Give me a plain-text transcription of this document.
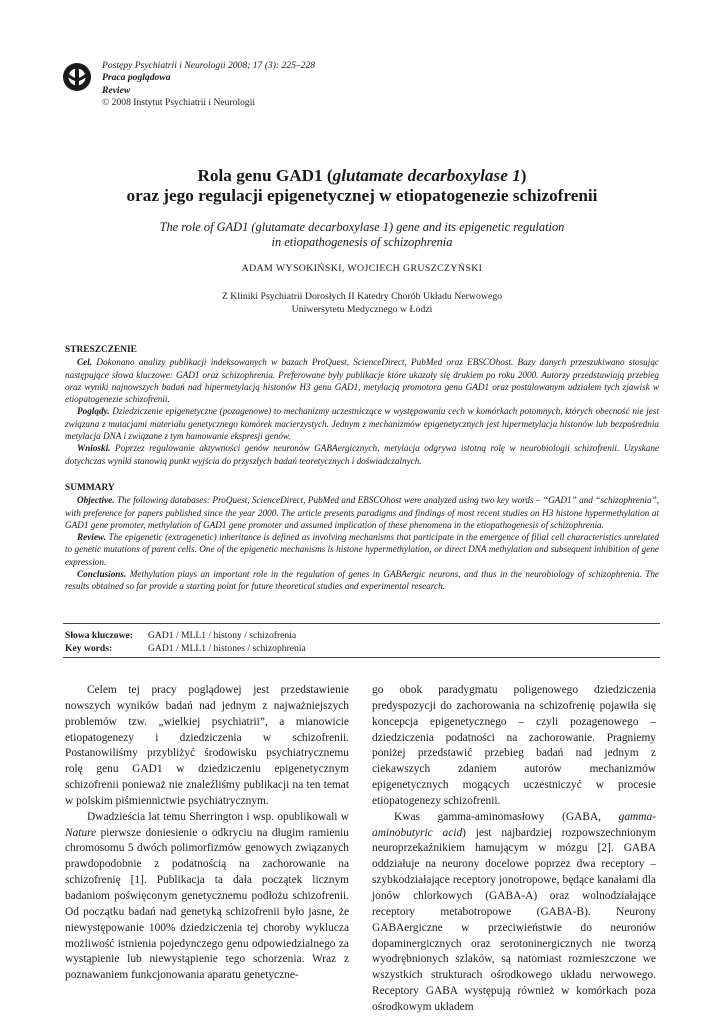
Postępy Psychiatrii i Neurologii 2008; 17 (3): 225–228
Praca poglądowa
Review
© 2008 Instytut Psychiatrii i Neurologii
Rola genu GAD1 (glutamate decarboxylase 1)
oraz jego regulacji epigenetycznej w etiopatogenezie schizofrenii
The role of GAD1 (glutamate decarboxylase 1) gene and its epigenetic regulation
in etiopathogenesis of schizophrenia
ADAM WYSOKIŃSKI, WOJCIECH GRUSZCZYŃSKI
Z Kliniki Psychiatrii Dorosłych II Katedry Chorób Układu Nerwowego
Uniwersytetu Medycznego w Łodzi
STRESZCZENIE

Cel. Dokonano analizy publikacji indeksowanych w bazach ProQuest, ScienceDirect, PubMed oraz EBSCOhost. Bazy danych przeszukiwano stosując następujące słowa kluczowe: GAD1 oraz schizophrenia. Preferowane były publikacje które ukazały się drukiem po roku 2000. Autorzy przedstawiają przebieg oraz wyniki najnowszych badań nad hipermetylacją histonów H3 genu GAD1, metylacją promotora genu GAD1 oraz postulowanym udziałem tych zjawisk w etiopatogenezie schizofrenii.

Poglądy. Dziedziczenie epigenetyczne (pozagenowe) to mechanizmy uczestniczące w występowaniu cech w komórkach potomnych, których obecność nie jest związana z mutacjami materiału genetycznego komórek macierzystych. Jednym z mechanizmów epigenetycznych jest hipermetylacja histonów lub bezpośrednia metylacja DNA i związane z tym hamowanie ekspresji genów.

Wnioski. Poprzez regulowanie aktywności genów neuronów GABAergicznych, metylacja odgrywa istotną rolę w neurobiologii schizofrenii. Uzyskane dotychczas wyniki stanowią punkt wyjścia do przyszłych badań teoretycznych i doświadczalnych.

SUMMARY

Objective. The following databases: ProQuest, ScienceDirect, PubMed and EBSCOhost were analyzed using two key words – “GAD1” and “schizophrenia”, with preference for papers published since the year 2000. The article presents paradigms and findings of most recent studies on H3 histone hypermethylation at GAD1 gene promoter, methylation of GAD1 gene promoter and assumed implication of these phenomena in the etiopathogenesis of schizophrenia.

Review. The epigenetic (extragenetic) inheritance is defined as involving mechanisms that participate in the emergence of filial cell characteristics unrelated to genetic mutations of parent cells. One of the epigenetic mechanisms is histone hypermethylation, or direct DNA methylation and subsequent inhibition of gene expression.

Conclusions. Methylation plays an important role in the regulation of genes in GABAergic neurons, and thus in the neurobiology of schizophrenia. The results obtained so far provide a starting point for future theoretical studies and experimental research.

Słowa kluczowe:	GAD1 / MLL1 / histony / schizofrenia
Key words:	GAD1 / MLL1 / histones / schizophrenia

Celem tej pracy poglądowej jest przedstawienie nowszych wyników badań nad jednym z najważniejszych problemów tzw. „wielkiej psychiatrii”, a mianowicie etiopatogenezy i dziedziczenia w schizofrenii. Postanowiliśmy przybliżyć środowisku psychiatrycznemu rolę genu GAD1 w dziedziczeniu epigenetycznym schizofrenii ponieważ nie znaleźliśmy publikacji na ten temat w polskim piśmiennictwie psychiatrycznym.

Dwadzieścia lat temu Sherrington i wsp. opublikowali w Nature pierwsze doniesienie o odkryciu na długim ramieniu chromosomu 5 dwóch polimorfizmów genowych związanych prawdopodobnie z podatnością na zachorowanie na schizofrenię [1]. Publikacja ta dała początek licznym badaniom poświęconym genetycznemu podłożu schizofrenii. Od początku badań nad genetyką schizofrenii było jasne, że niewystępowanie 100% dziedziczenia tej choroby wyklucza możliwość istnienia pojedynczego genu odpowiedzialnego za wystąpienie lub niewystąpienie tego schorzenia. Wraz z poznawaniem funkcjonowania aparatu genetyczne-

go obok paradygmatu poligenowego dziedziczenia predyspozycji do zachorowania na schizofrenię pojawiła się koncepcja epigenetycznego – czyli pozagenowego – dziedziczenia podatności na zachorowanie. Pragniemy poniżej przedstawić przebieg badań nad jednym z ciekawszych zdaniem autorów mechanizmów epigenetycznych mogących uczestniczyć w procesie etiopatogenezy schizofrenii.

Kwas gamma-aminomasłowy (GABA, gamma-aminobutyric acid) jest najbardziej rozpowszechnionym neuroprzekaźnikiem hamującym w mózgu [2]. GABA oddziałuje na neurony docelowe poprzez dwa receptory – szybkodziałające receptory jonotropowe, będące kanałami dla jonów chlorkowych (GABA-A) oraz wolnodziałające receptory metabotropowe (GABA-B). Neurony GABAergiczne w przeciwieństwie do neuronów dopaminergicznych oraz serotoninergicznych nie tworzą wyodrębnionych szlaków, są natomiast rozmieszczone we wszystkich strukturach ośrodkowego układu nerwowego. Receptory GABA występują również w komórkach poza ośrodkowym układem
